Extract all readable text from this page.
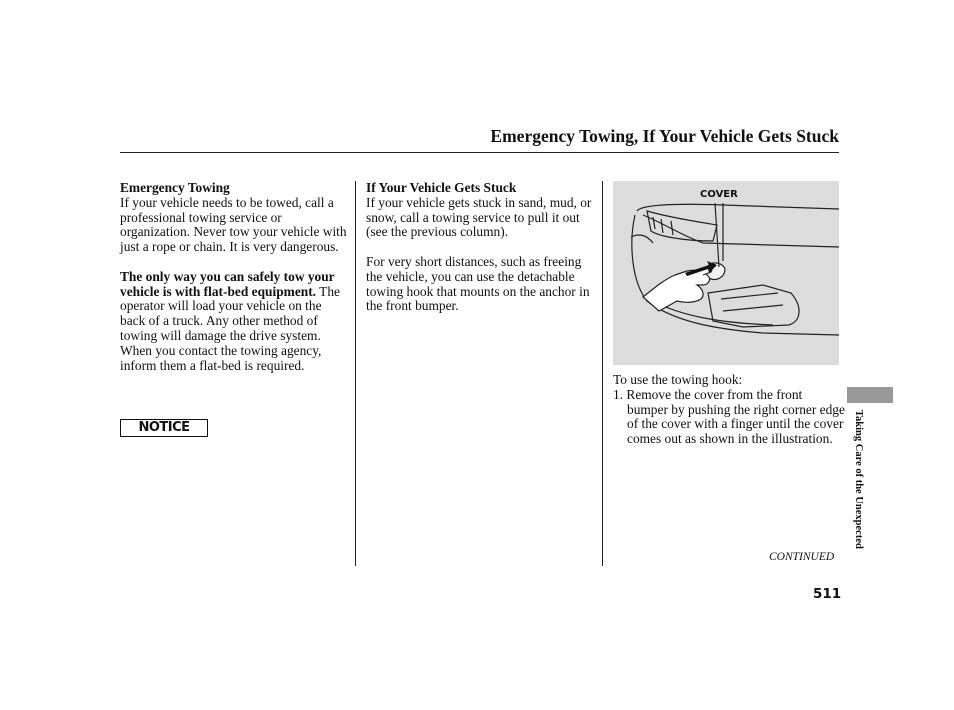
Emergency Towing, If Your Vehicle Gets Stuck

Emergency Towing
If your vehicle needs to be towed, call a professional towing service or organization. Never tow your vehicle with just a rope or chain. It is very dangerous.

The only way you can safely tow your vehicle is with flat-bed equipment. The operator will load your vehicle on the back of a truck. Any other method of towing will damage the drive system. When you contact the towing agency, inform them a flat-bed is required.

NOTICE

If Your Vehicle Gets Stuck
If your vehicle gets stuck in sand, mud, or snow, call a towing service to pull it out (see the previous column).

For very short distances, such as freeing the vehicle, you can use the detachable towing hook that mounts on the anchor in the front bumper.

COVER
To use the towing hook:
1. Remove the cover from the front bumper by pushing the right corner edge of the cover with a finger until the cover comes out as shown in the illustration.
CONTINUED
511
Taking Care of the Unexpected
